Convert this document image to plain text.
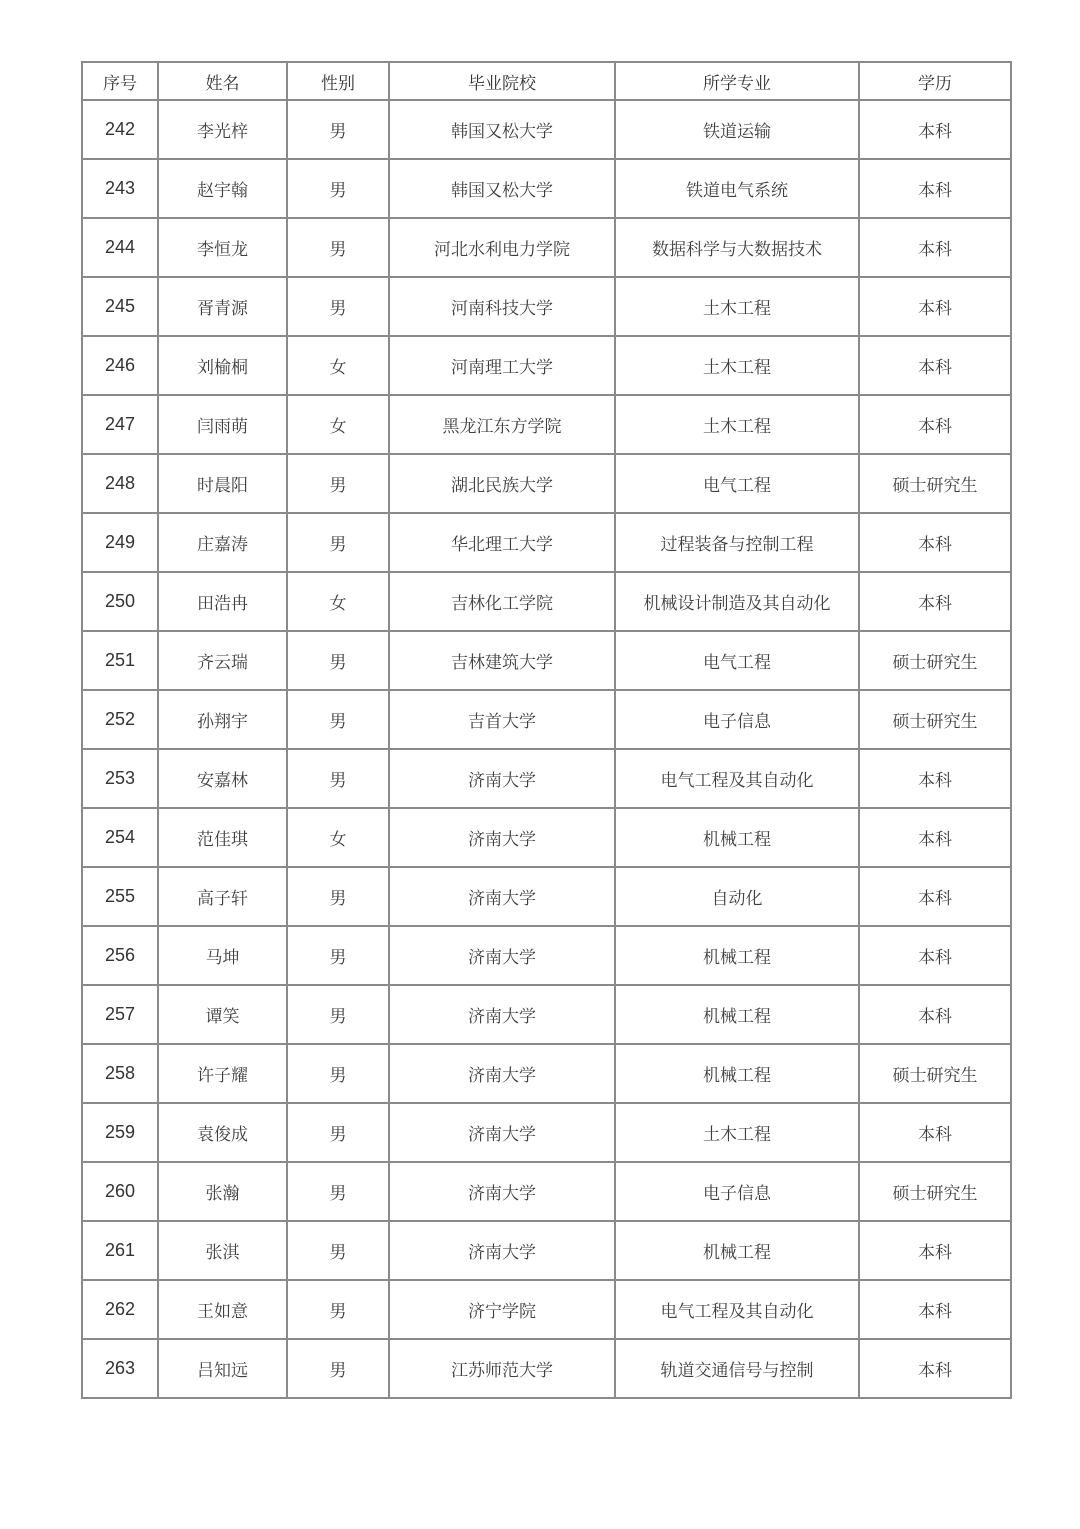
序号	姓名	性别	毕业院校	所学专业	学历
242	李光梓	男	韩国又松大学	铁道运输	本科
243	赵宇翰	男	韩国又松大学	铁道电气系统	本科
244	李恒龙	男	河北水利电力学院	数据科学与大数据技术	本科
245	胥青源	男	河南科技大学	土木工程	本科
246	刘榆桐	女	河南理工大学	土木工程	本科
247	闫雨萌	女	黑龙江东方学院	土木工程	本科
248	时晨阳	男	湖北民族大学	电气工程	硕士研究生
249	庄嘉涛	男	华北理工大学	过程装备与控制工程	本科
250	田浩冉	女	吉林化工学院	机械设计制造及其自动化	本科
251	齐云瑞	男	吉林建筑大学	电气工程	硕士研究生
252	孙翔宇	男	吉首大学	电子信息	硕士研究生
253	安嘉林	男	济南大学	电气工程及其自动化	本科
254	范佳琪	女	济南大学	机械工程	本科
255	高子轩	男	济南大学	自动化	本科
256	马坤	男	济南大学	机械工程	本科
257	谭笑	男	济南大学	机械工程	本科
258	许子耀	男	济南大学	机械工程	硕士研究生
259	袁俊成	男	济南大学	土木工程	本科
260	张瀚	男	济南大学	电子信息	硕士研究生
261	张淇	男	济南大学	机械工程	本科
262	王如意	男	济宁学院	电气工程及其自动化	本科
263	吕知远	男	江苏师范大学	轨道交通信号与控制	本科
